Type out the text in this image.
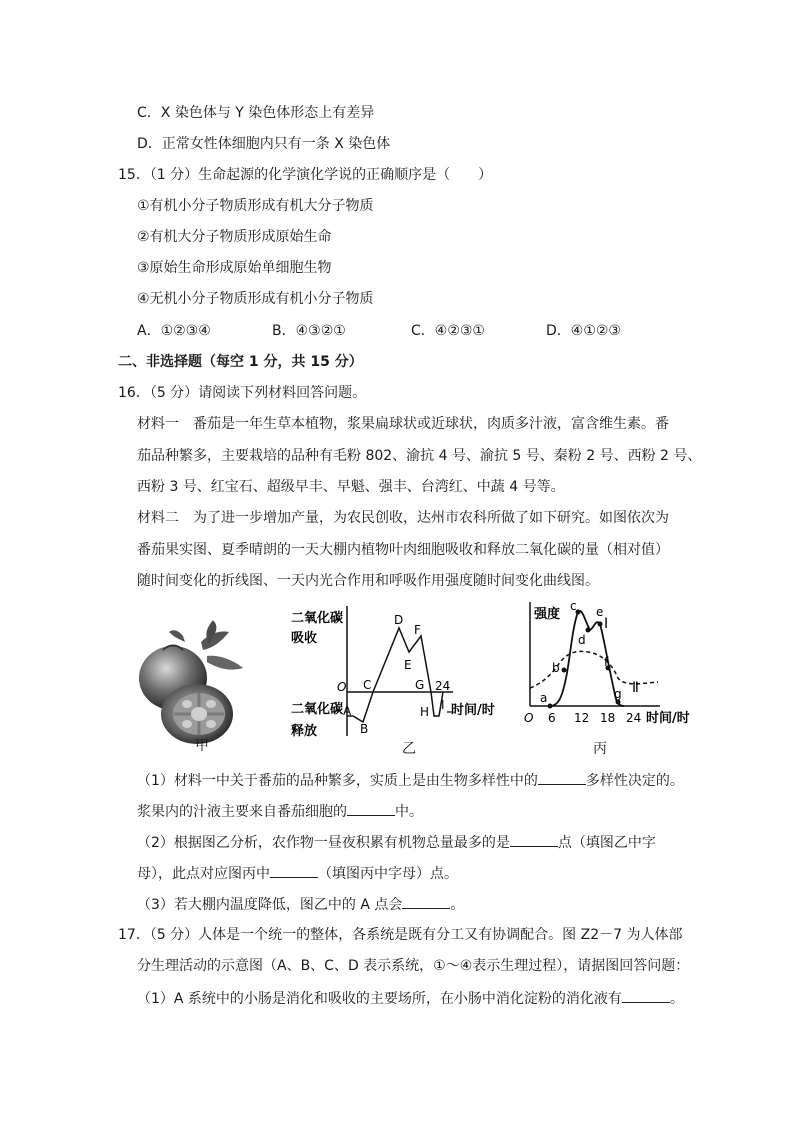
C．X 染色体与 Y 染色体形态上有差异
D．正常女性体细胞内只有一条 X 染色体
15．（1 分）生命起源的化学演化学说的正确顺序是（　　）
①有机小分子物质形成有机大分子物质
②有机大分子物质形成原始生命
③原始生命形成原始单细胞生物
④无机小分子物质形成有机小分子物质
A．①②③④	B．④③②①	C．④②③①	D．④①②③
二、非选择题（每空 1 分，共 15 分）
16．（5 分）请阅读下列材料回答问题。
材料一　番茄是一年生草本植物，浆果扁球状或近球状，肉质多汁液，富含维生素。番
茄品种繁多，主要栽培的品种有毛粉 802、渝抗 4 号、渝抗 5 号、秦粉 2 号、西粉 2 号、
西粉 3 号、红宝石、超级早丰、早魁、强丰、台湾红、中蔬 4 号等。
材料二　为了进一步增加产量，为农民创收，达州市农科所做了如下研究。如图依次为
番茄果实图、夏季晴朗的一天大棚内植物叶肉细胞吸收和释放二氧化碳的量（相对值）
随时间变化的折线图、一天内光合作用和呼吸作用强度随时间变化曲线图。
甲
二氧化碳
吸收
二氧化碳
释放
O	24
时间/时
A
B
C
D
E
F
G
H I
乙
强度
O 6 12 18 24 时间/时
a
b
c
d
e
f
g
Ⅰ
Ⅱ
丙
（1）材料一中关于番茄的品种繁多，实质上是由生物多样性中的	多样性决定的。
浆果内的汁液主要来自番茄细胞的	中。
（2）根据图乙分析，农作物一昼夜积累有机物总量最多的是	点（填图乙中字
母），此点对应图丙中	（填图丙中字母）点。
（3）若大棚内温度降低，图乙中的 A 点会	。
17．（5 分）人体是一个统一的整体，各系统是既有分工又有协调配合。图 Z2－7 为人体部
分生理活动的示意图（A、B、C、D 表示系统，①～④表示生理过程），请据图回答问题：
（1）A 系统中的小肠是消化和吸收的主要场所，在小肠中消化淀粉的消化液有	。
